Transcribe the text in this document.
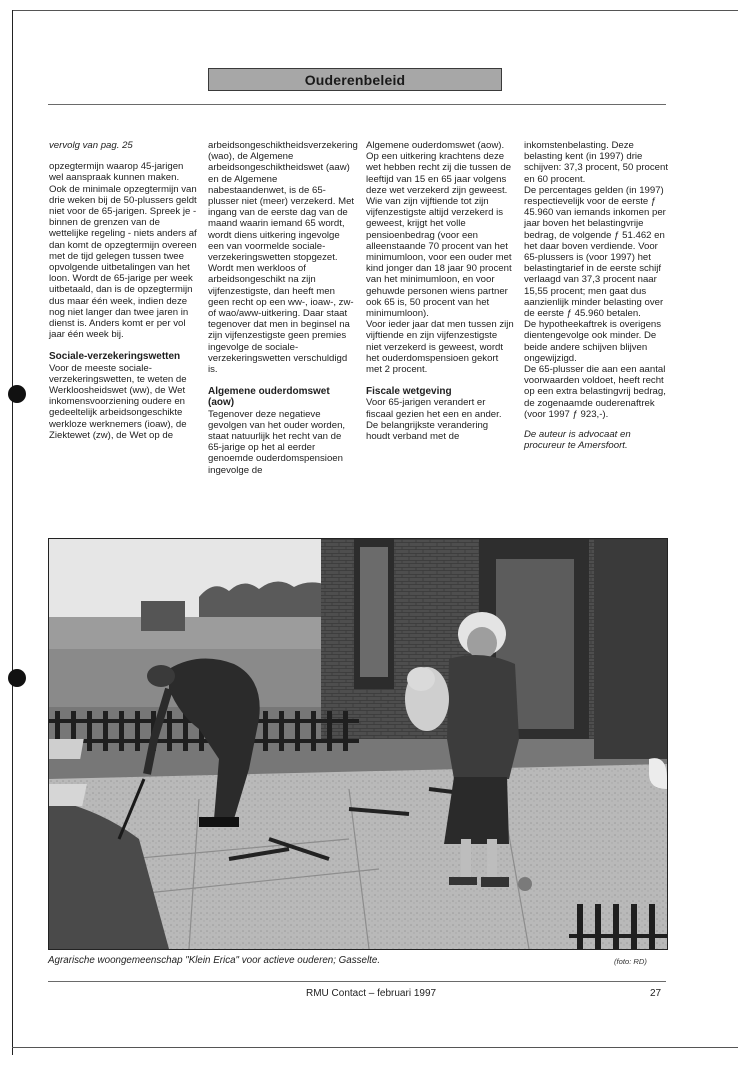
Ouderenbeleid

vervolg van pag. 25

opzegtermijn waarop 45-jarigen wel aanspraak kunnen maken. Ook de minimale opzegtermijn van drie weken bij de 50-plussers geldt niet voor de 65-jarigen. Spreek je - binnen de grenzen van de wettelijke regeling - niets anders af dan komt de opzegtermijn overeen met de tijd gelegen tussen twee opvolgende uitbetalingen van het loon. Wordt de 65-jarige per week uitbetaald, dan is de opzegtermijn dus maar één week, indien deze nog niet langer dan twee jaren in dienst is. Anders komt er per vol jaar één week bij.

Sociale-verzekeringswetten

Voor de meeste sociale-verzekeringswetten, te weten de Werkloosheidswet (ww), de Wet inkomensvoorziening oudere en gedeeltelijk arbeidsongeschikte werkloze werknemers (ioaw), de Ziektewet (zw), de Wet op de

arbeidsongeschiktheidsverzekering (wao), de Algemene arbeidsongeschiktheidswet (aaw) en de Algemene nabestaandenwet, is de 65-plusser niet (meer) verzekerd. Met ingang van de eerste dag van de maand waarin iemand 65 wordt, wordt diens uitkering ingevolge een van voormelde sociale-verzekeringswetten stopgezet. Wordt men werkloos of arbeidsongeschikt na zijn vijfenzestigste, dan heeft men geen recht op een ww-, ioaw-, zw- of wao/aww-uitkering. Daar staat tegenover dat men in beginsel na zijn vijfenzestigste geen premies ingevolge de sociale-verzekeringswetten verschuldigd is.

Algemene ouderdomswet (aow)

Tegenover deze negatieve gevolgen van het ouder worden, staat natuurlijk het recht van de 65-jarige op het al eerder genoemde ouderdomspensioen ingevolge de

Algemene ouderdomswet (aow). Op een uitkering krachtens deze wet hebben recht zij die tussen de leeftijd van 15 en 65 jaar volgens deze wet verzekerd zijn geweest. Wie van zijn vijftiende tot zijn vijfenzestigste altijd verzekerd is geweest, krijgt het volle pensioenbedrag (voor een alleenstaande 70 procent van het minimumloon, voor een ouder met kind jonger dan 18 jaar 90 procent van het minimumloon, en voor gehuwde personen wiens partner ook 65 is, 50 procent van het minimumloon).

Voor ieder jaar dat men tussen zijn vijftiende en zijn vijfenzestigste niet verzekerd is geweest, wordt het ouderdomspensioen gekort met 2 procent.

Fiscale wetgeving

Voor 65-jarigen verandert er fiscaal gezien het een en ander. De belangrijkste verandering houdt verband met de

inkomstenbelasting. Deze belasting kent (in 1997) drie schijven: 37,3 procent, 50 procent en 60 procent.

De percentages gelden (in 1997) respectievelijk voor de eerste ƒ 45.960 van iemands inkomen per jaar boven het belastingvrije bedrag, de volgende ƒ 51.462 en het daar boven verdiende. Voor 65-plussers is (voor 1997) het belastingtarief in de eerste schijf verlaagd van 37,3 procent naar 15,55 procent; men gaat dus aanzienlijk minder belasting over de eerste ƒ 45.960 betalen.

De hypotheekaftrek is overigens dientengevolge ook minder. De beide andere schijven blijven ongewijzigd.

De 65-plusser die aan een aantal voorwaarden voldoet, heeft recht op een extra belastingvrij bedrag, de zogenaamde ouderenaftrek (voor 1997 ƒ 923,-).

De auteur is advocaat en procureur te Amersfoort.

Agrarische woongemeenschap "Klein Erica" voor actieve ouderen; Gasselte.	(foto: RD)
RMU Contact – februari 1997	27
